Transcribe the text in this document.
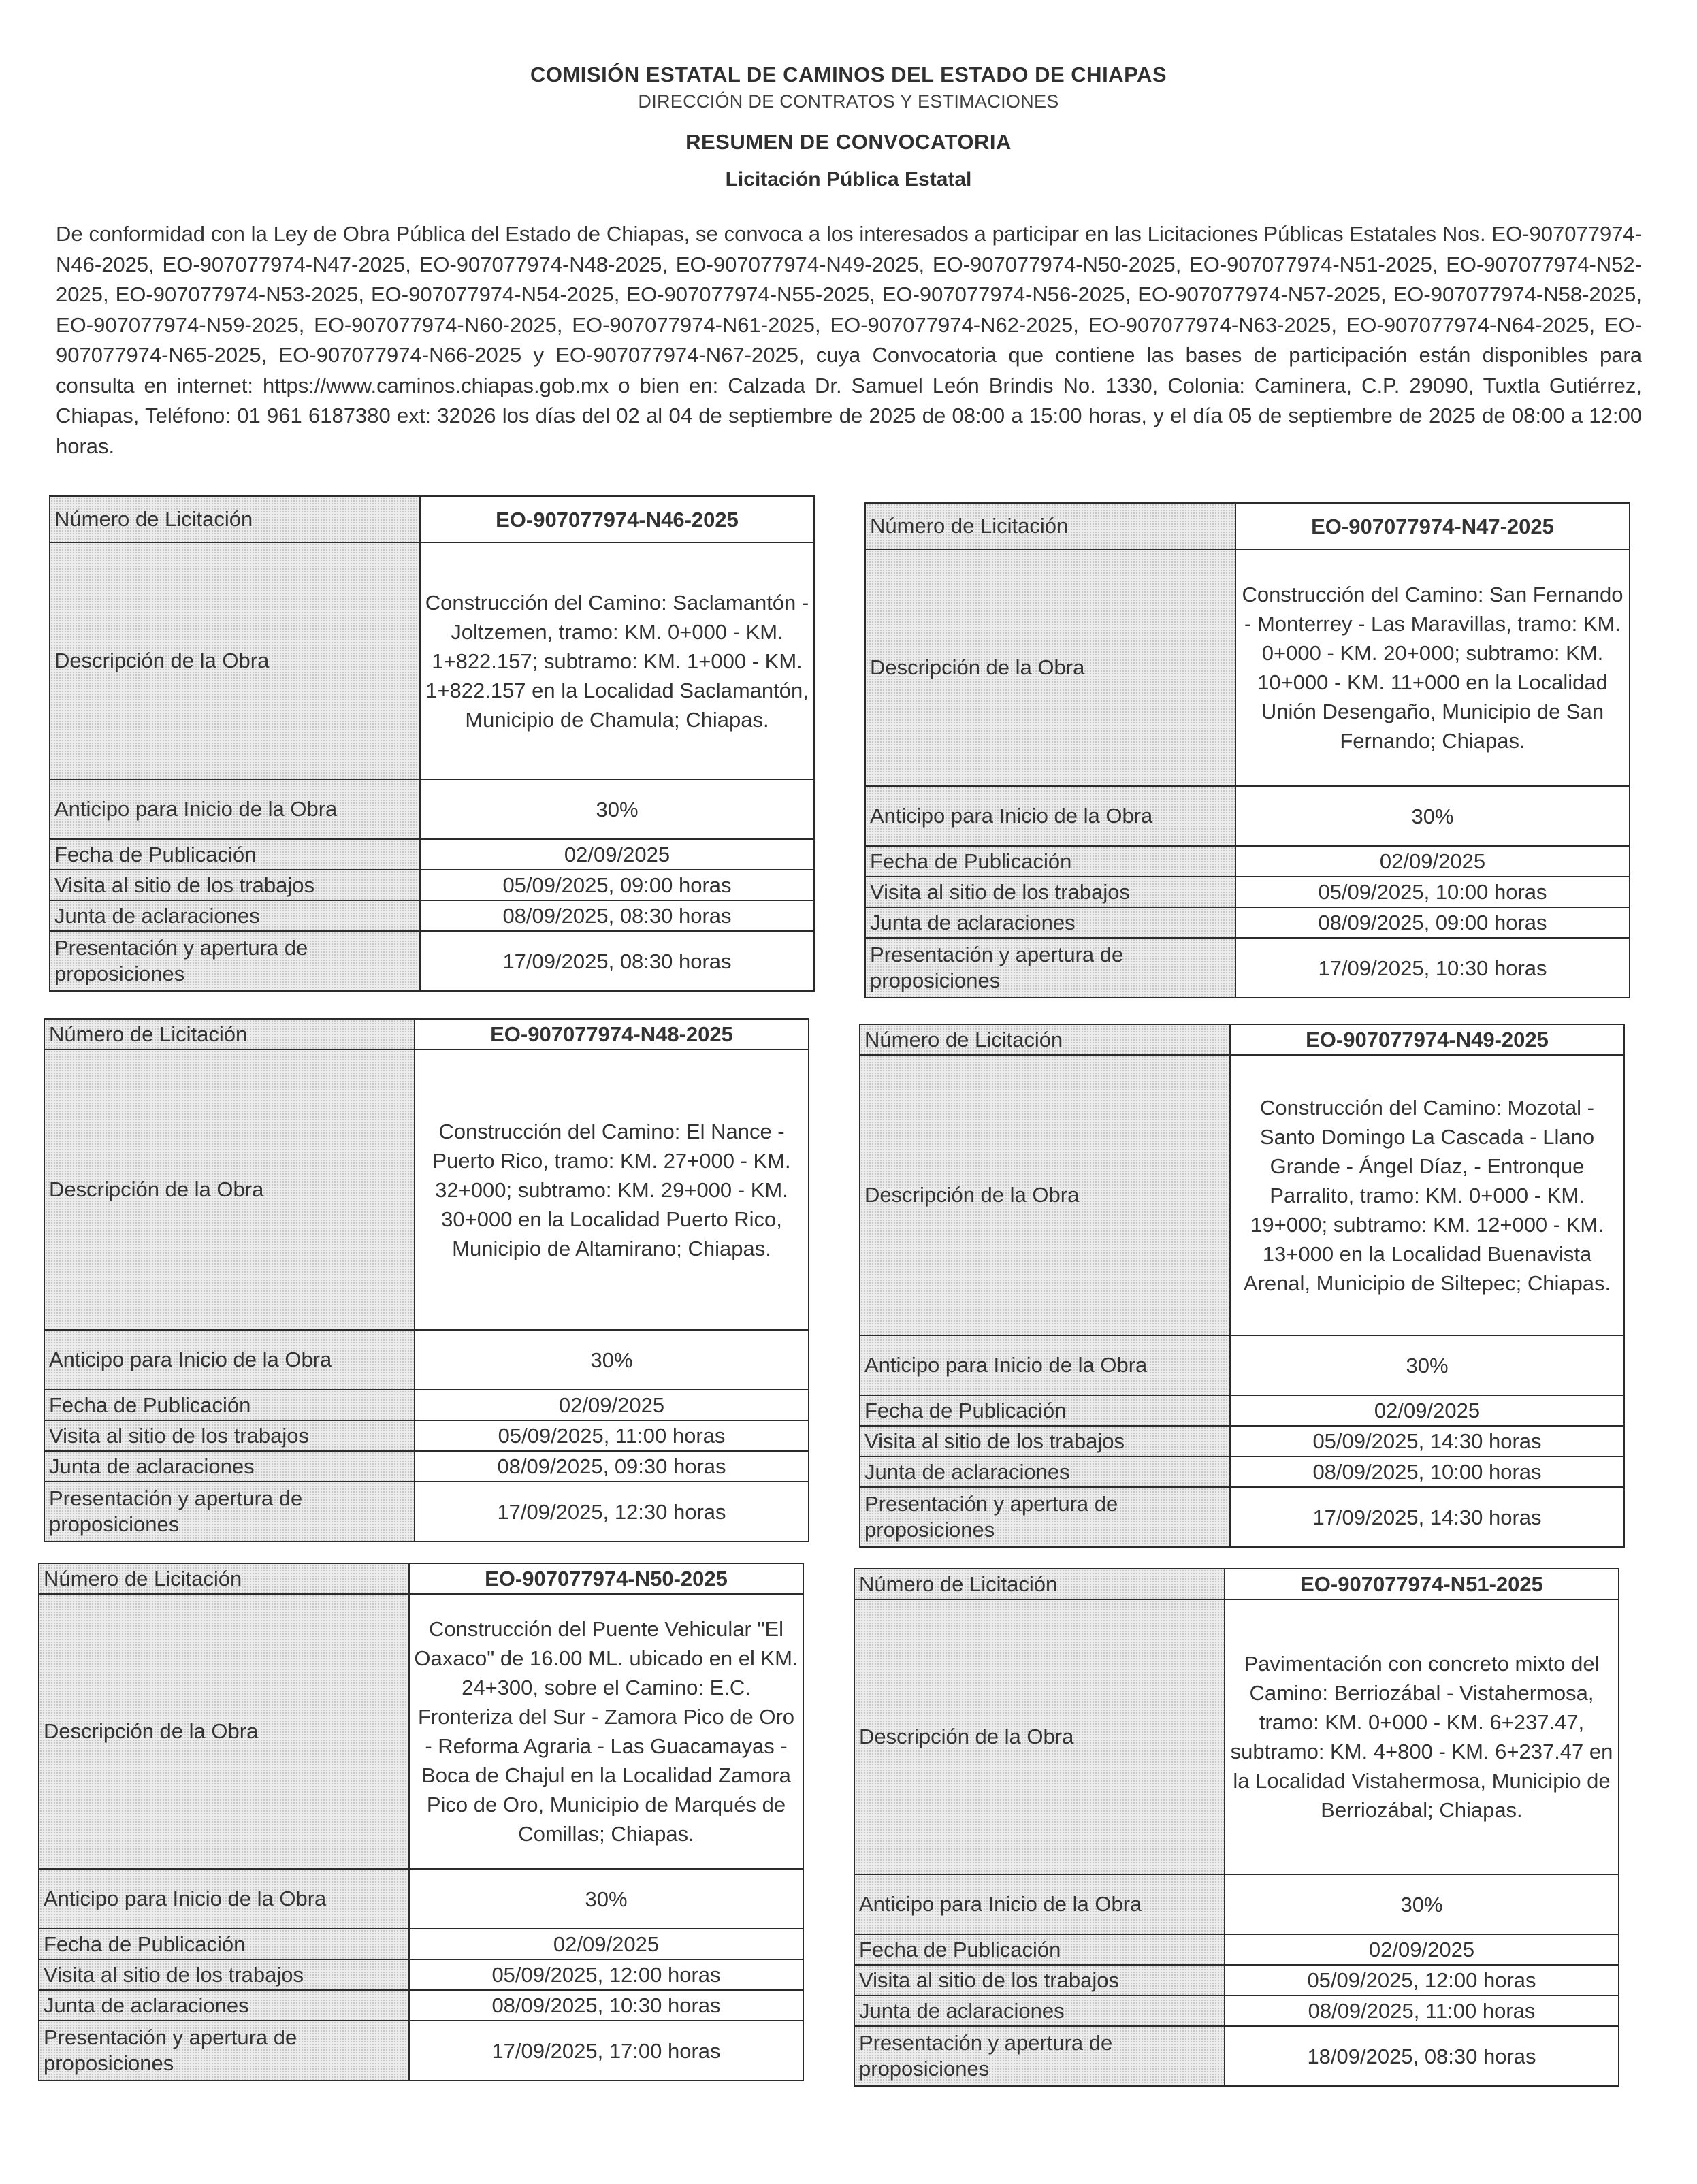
COMISIÓN ESTATAL DE CAMINOS DEL ESTADO DE CHIAPAS
DIRECCIÓN DE CONTRATOS Y ESTIMACIONES
RESUMEN DE CONVOCATORIA
Licitación Pública Estatal
De conformidad con la Ley de Obra Pública del Estado de Chiapas, se convoca a los interesados a participar en las Licitaciones Públicas Estatales Nos. EO-907077974-N46-2025, EO-907077974-N47-2025, EO-907077974-N48-2025, EO-907077974-N49-2025, EO-907077974-N50-2025, EO-907077974-N51-2025, EO-907077974-N52-2025, EO-907077974-N53-2025, EO-907077974-N54-2025, EO-907077974-N55-2025, EO-907077974-N56-2025, EO-907077974-N57-2025, EO-907077974-N58-2025, EO-907077974-N59-2025, EO-907077974-N60-2025, EO-907077974-N61-2025, EO-907077974-N62-2025, EO-907077974-N63-2025, EO-907077974-N64-2025, EO-907077974-N65-2025, EO-907077974-N66-2025 y EO-907077974-N67-2025, cuya Convocatoria que contiene las bases de participación están disponibles para consulta en internet: https://www.caminos.chiapas.gob.mx o bien en: Calzada Dr. Samuel León Brindis No. 1330, Colonia: Caminera, C.P. 29090, Tuxtla Gutiérrez, Chiapas, Teléfono: 01 961 6187380 ext: 32026 los días del 02 al 04 de septiembre de 2025 de 08:00 a 15:00 horas, y el día 05 de septiembre de 2025 de 08:00 a 12:00 horas.
Número de Licitación	EO-907077974-N46-2025
Descripción de la Obra	Construcción del Camino: Saclamantón - Joltzemen, tramo: KM. 0+000 - KM. 1+822.157; subtramo: KM. 1+000 - KM. 1+822.157 en la Localidad Saclamantón, Municipio de Chamula; Chiapas.
Anticipo para Inicio de la Obra	30%
Fecha de Publicación	02/09/2025
Visita al sitio de los trabajos	05/09/2025, 09:00 horas
Junta de aclaraciones	08/09/2025, 08:30 horas
Presentación y apertura de proposiciones	17/09/2025, 08:30 horas
Número de Licitación	EO-907077974-N47-2025
Descripción de la Obra	Construcción del Camino: San Fernando - Monterrey - Las Maravillas, tramo: KM. 0+000 - KM. 20+000; subtramo: KM. 10+000 - KM. 11+000 en la Localidad Unión Desengaño, Municipio de San Fernando; Chiapas.
Anticipo para Inicio de la Obra	30%
Fecha de Publicación	02/09/2025
Visita al sitio de los trabajos	05/09/2025, 10:00 horas
Junta de aclaraciones	08/09/2025, 09:00 horas
Presentación y apertura de proposiciones	17/09/2025, 10:30 horas
Número de Licitación	EO-907077974-N48-2025
Descripción de la Obra	Construcción del Camino: El Nance - Puerto Rico, tramo: KM. 27+000 - KM. 32+000; subtramo: KM. 29+000 - KM. 30+000 en la Localidad Puerto Rico, Municipio de Altamirano; Chiapas.
Anticipo para Inicio de la Obra	30%
Fecha de Publicación	02/09/2025
Visita al sitio de los trabajos	05/09/2025, 11:00 horas
Junta de aclaraciones	08/09/2025, 09:30 horas
Presentación y apertura de proposiciones	17/09/2025, 12:30 horas
Número de Licitación	EO-907077974-N49-2025
Descripción de la Obra	Construcción del Camino: Mozotal - Santo Domingo La Cascada - Llano Grande - Ángel Díaz, - Entronque Parralito, tramo: KM. 0+000 - KM. 19+000; subtramo: KM. 12+000 - KM. 13+000 en la Localidad Buenavista Arenal, Municipio de Siltepec; Chiapas.
Anticipo para Inicio de la Obra	30%
Fecha de Publicación	02/09/2025
Visita al sitio de los trabajos	05/09/2025, 14:30 horas
Junta de aclaraciones	08/09/2025, 10:00 horas
Presentación y apertura de proposiciones	17/09/2025, 14:30 horas
Número de Licitación	EO-907077974-N50-2025
Descripción de la Obra	Construcción del Puente Vehicular "El Oaxaco" de 16.00 ML. ubicado en el KM. 24+300, sobre el Camino: E.C. Fronteriza del Sur - Zamora Pico de Oro - Reforma Agraria - Las Guacamayas - Boca de Chajul en la Localidad Zamora Pico de Oro, Municipio de Marqués de Comillas; Chiapas.
Anticipo para Inicio de la Obra	30%
Fecha de Publicación	02/09/2025
Visita al sitio de los trabajos	05/09/2025, 12:00 horas
Junta de aclaraciones	08/09/2025, 10:30 horas
Presentación y apertura de proposiciones	17/09/2025, 17:00 horas
Número de Licitación	EO-907077974-N51-2025
Descripción de la Obra	Pavimentación con concreto mixto del Camino: Berriozábal - Vistahermosa, tramo: KM. 0+000 - KM. 6+237.47, subtramo: KM. 4+800 - KM. 6+237.47 en la Localidad Vistahermosa, Municipio de Berriozábal; Chiapas.
Anticipo para Inicio de la Obra	30%
Fecha de Publicación	02/09/2025
Visita al sitio de los trabajos	05/09/2025, 12:00 horas
Junta de aclaraciones	08/09/2025, 11:00 horas
Presentación y apertura de proposiciones	18/09/2025, 08:30 horas
